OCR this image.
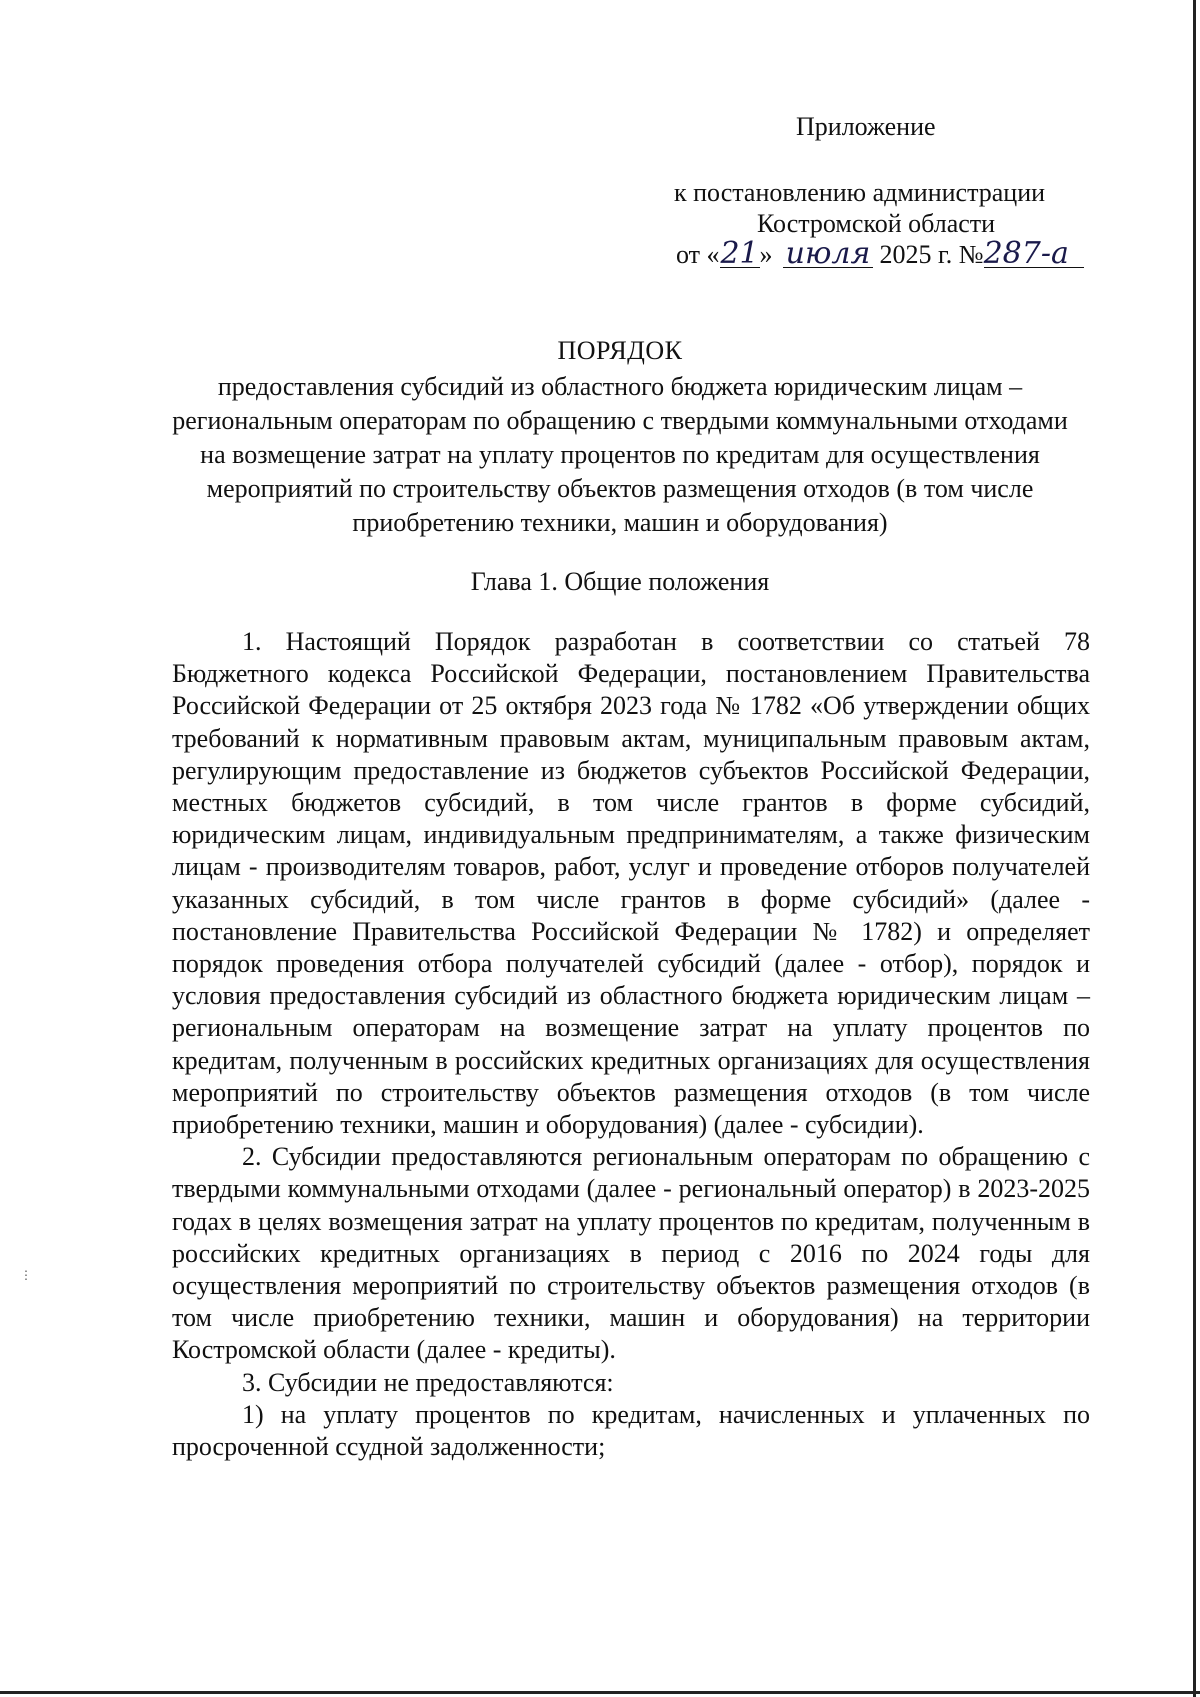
Приложение
к постановлению администрации
Костромской области
от «21» июля 2025 г. №287-а
ПОРЯДОК
предоставления субсидий из областного бюджета юридическим лицам – региональным операторам по обращению с твердыми коммунальными отходами на возмещение затрат на уплату процентов по кредитам для осуществления мероприятий по строительству объектов размещения отходов (в том числе приобретению техники, машин и оборудования)
Глава 1. Общие положения

1. Настоящий Порядок разработан в соответствии со статьей 78 Бюджетного кодекса Российской Федерации, постановлением Правительства Российской Федерации от 25 октября 2023 года № 1782 «Об утверждении общих требований к нормативным правовым актам, муниципальным правовым актам, регулирующим предоставление из бюджетов субъектов Российской Федерации, местных бюджетов субсидий, в том числе грантов в форме субсидий, юридическим лицам, индивидуальным предпринимателям, а также физическим лицам - производителям товаров, работ, услуг и проведение отборов получателей указанных субсидий, в том числе грантов в форме субсидий» (далее - постановление Правительства Российской Федерации № 1782) и определяет порядок проведения отбора получателей субсидий (далее - отбор), порядок и условия предоставления субсидий из областного бюджета юридическим лицам – региональным операторам на возмещение затрат на уплату процентов по кредитам, полученным в российских кредитных организациях для осуществления мероприятий по строительству объектов размещения отходов (в том числе приобретению техники, машин и оборудования) (далее - субсидии).

2. Субсидии предоставляются региональным операторам по обращению с твердыми коммунальными отходами (далее - региональный оператор) в 2023-2025 годах в целях возмещения затрат на уплату процентов по кредитам, полученным в российских кредитных организациях в период с 2016 по 2024 годы для осуществления мероприятий по строительству объектов размещения отходов (в том числе приобретению техники, машин и оборудования) на территории Костромской области (далее - кредиты).

3. Субсидии не предоставляются:

1) на уплату процентов по кредитам, начисленных и уплаченных по просроченной ссудной задолженности;

⋮
